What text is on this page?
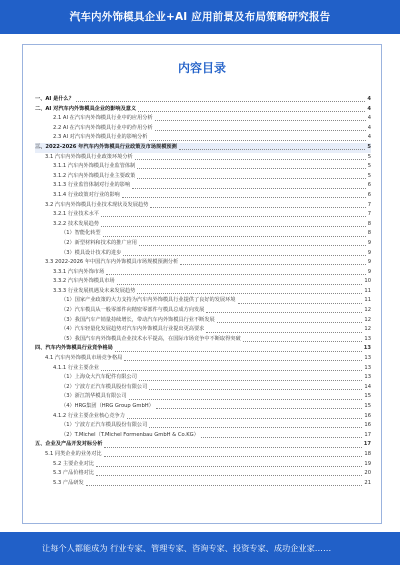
汽车内外饰模具企业+AI 应用前景及布局策略研究报告
内容目录
一、AI 是什么？	4
二、AI 对汽车内外饰模具企业的影响及意义	4
2.1 AI 在汽车内外饰模具行业中的应用分析	4
2.2 AI 在汽车内外饰模具行业中的作用分析	4
2.3 AI 对汽车内外饰模具行业的影响分析	4
三、2022-2026 年汽车内外饰模具行业政策及市场规模预测	5
3.1 汽车内外饰模具行业政策环境分析	5
3.1.1 汽车内外饰模具行业监管体制	5
3.1.2 汽车内外饰模具行业主要政策	5
3.1.3 行业监管体制对行业的影响	6
3.1.4 行业政策对行业的影响	6
3.2 汽车内外饰模具行业技术现状及发展趋势	7
3.2.1 行业技术水平	7
3.2.2 技术发展趋势	8
（1）智能化转型	8
（2）新型材料和技术的推广应用	9
（3）模具设计技术的进步	9
3.3 2022-2026 年中国汽车内外饰模具市场规模预测分析	9
3.3.1 汽车内外饰市场	9
3.3.2 汽车内外饰模具市场	10
3.3.3 行业发展机遇及未来发展趋势	11
（1）国家产业政策的大力支持为汽车内外饰模具行业提供了良好的发展环境	11
（2）汽车模具从一般零部件向精密零部件与模具总成方向发展	12
（3）我国汽车产销量持续增长，带动汽车内外饰模具行业不断发展	12
（4）汽车轻量化发展趋势对汽车内外饰模具行业提出更高要求	12
（5）我国汽车内外饰模具企业技术水平提高，在国际市场竞争中不断取得突破	13
四、汽车内外饰模具行业竞争格局	13
4.1 汽车内外饰模具市场竞争格局	13
4.1.1 行业主要企业	13
（1）上海众大汽车配件有限公司	13
（2）宁波方正汽车模具股份有限公司	14
（3）浙江凯华模具有限公司	15
（4）HRG集团（HRG Group GmbH）	15
4.1.2 行业主要企业核心竞争力	16
（1）宁波方正汽车模具股份有限公司	16
（2）T.Michel（T.Michel Formenbau GmbH & Co.KG）	17
五、企业及产品开发对标分析	17
5.1 同类企业的业务对比	18
5.2 主要企业对比	19
5.3 产品价格对比	20
5.3 产品研发	21
让每个人都能成为 行业专家、管理专家、咨询专家、投资专家、成功企业家……
